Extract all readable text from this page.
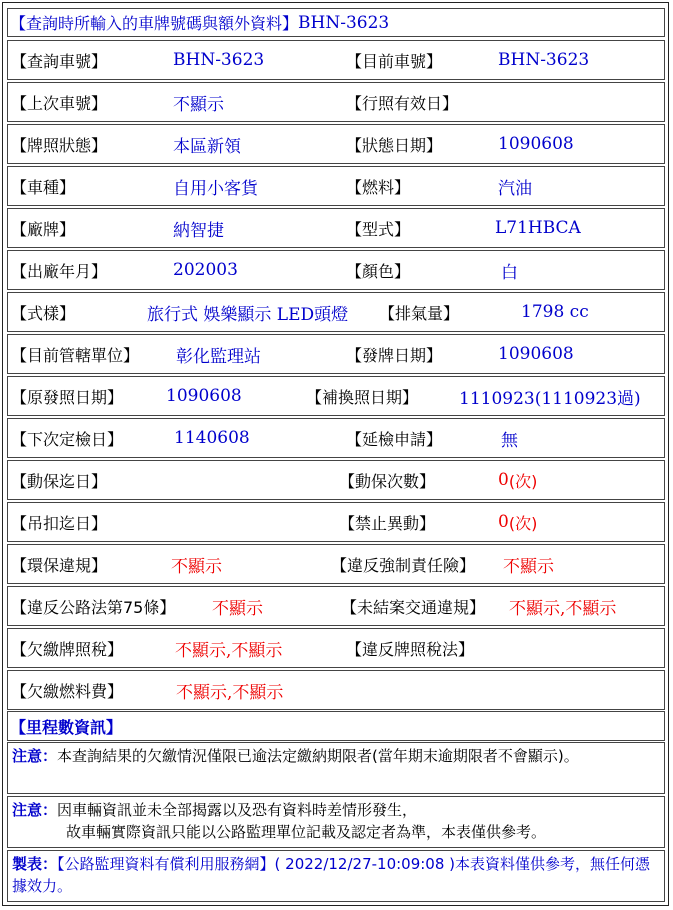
【查詢時所輸入的車牌號碼與額外資料】 BHN-3623
【查詢車號】	BHN-3623	【目前車號】	BHN-3623
【上次車號】	不顯示	【行照有效日】
【牌照狀態】	本區新領	【狀態日期】	1090608
【車種】	自用小客貨	【燃料】	汽油
【廠牌】	納智捷	【型式】	L71HBCA
【出廠年月】	202003	【顏色】	白
【式樣】	旅行式 娛樂顯示 LED頭燈 【排氣量】	1798 cc
【目前管轄單位】 彰化監理站	【發牌日期】	1090608
【原發照日期】	1090608	【補換照日期】 1110923(1110923過)
【下次定檢日】	1140608	【延檢申請】	無
【動保迄日】	【動保次數】	0 (次)
【吊扣迄日】	【禁止異動】	0 (次)
【環保違規】	不顯示	【違反強制責任險】 不顯示
【違反公路法第75條】 不顯示	【未結案交通違規】 不顯示,不顯示
【欠繳牌照稅】	不顯示,不顯示	【違反牌照稅法】
【欠繳燃料費】	不顯示,不顯示
【里程數資訊】
注意：本查詢結果的欠繳情況僅限已逾法定繳納期限者(當年期末逾期限者不會顯示)。
注意：因車輛資訊並未全部揭露以及恐有資料時差情形發生，
故車輛實際資訊只能以公路監理單位記載及認定者為準，本表僅供參考。
製表：【公路監理資料有償利用服務網】( 2022/12/27-10:09:08 )本表資料僅供參考，無任何憑據效力。
